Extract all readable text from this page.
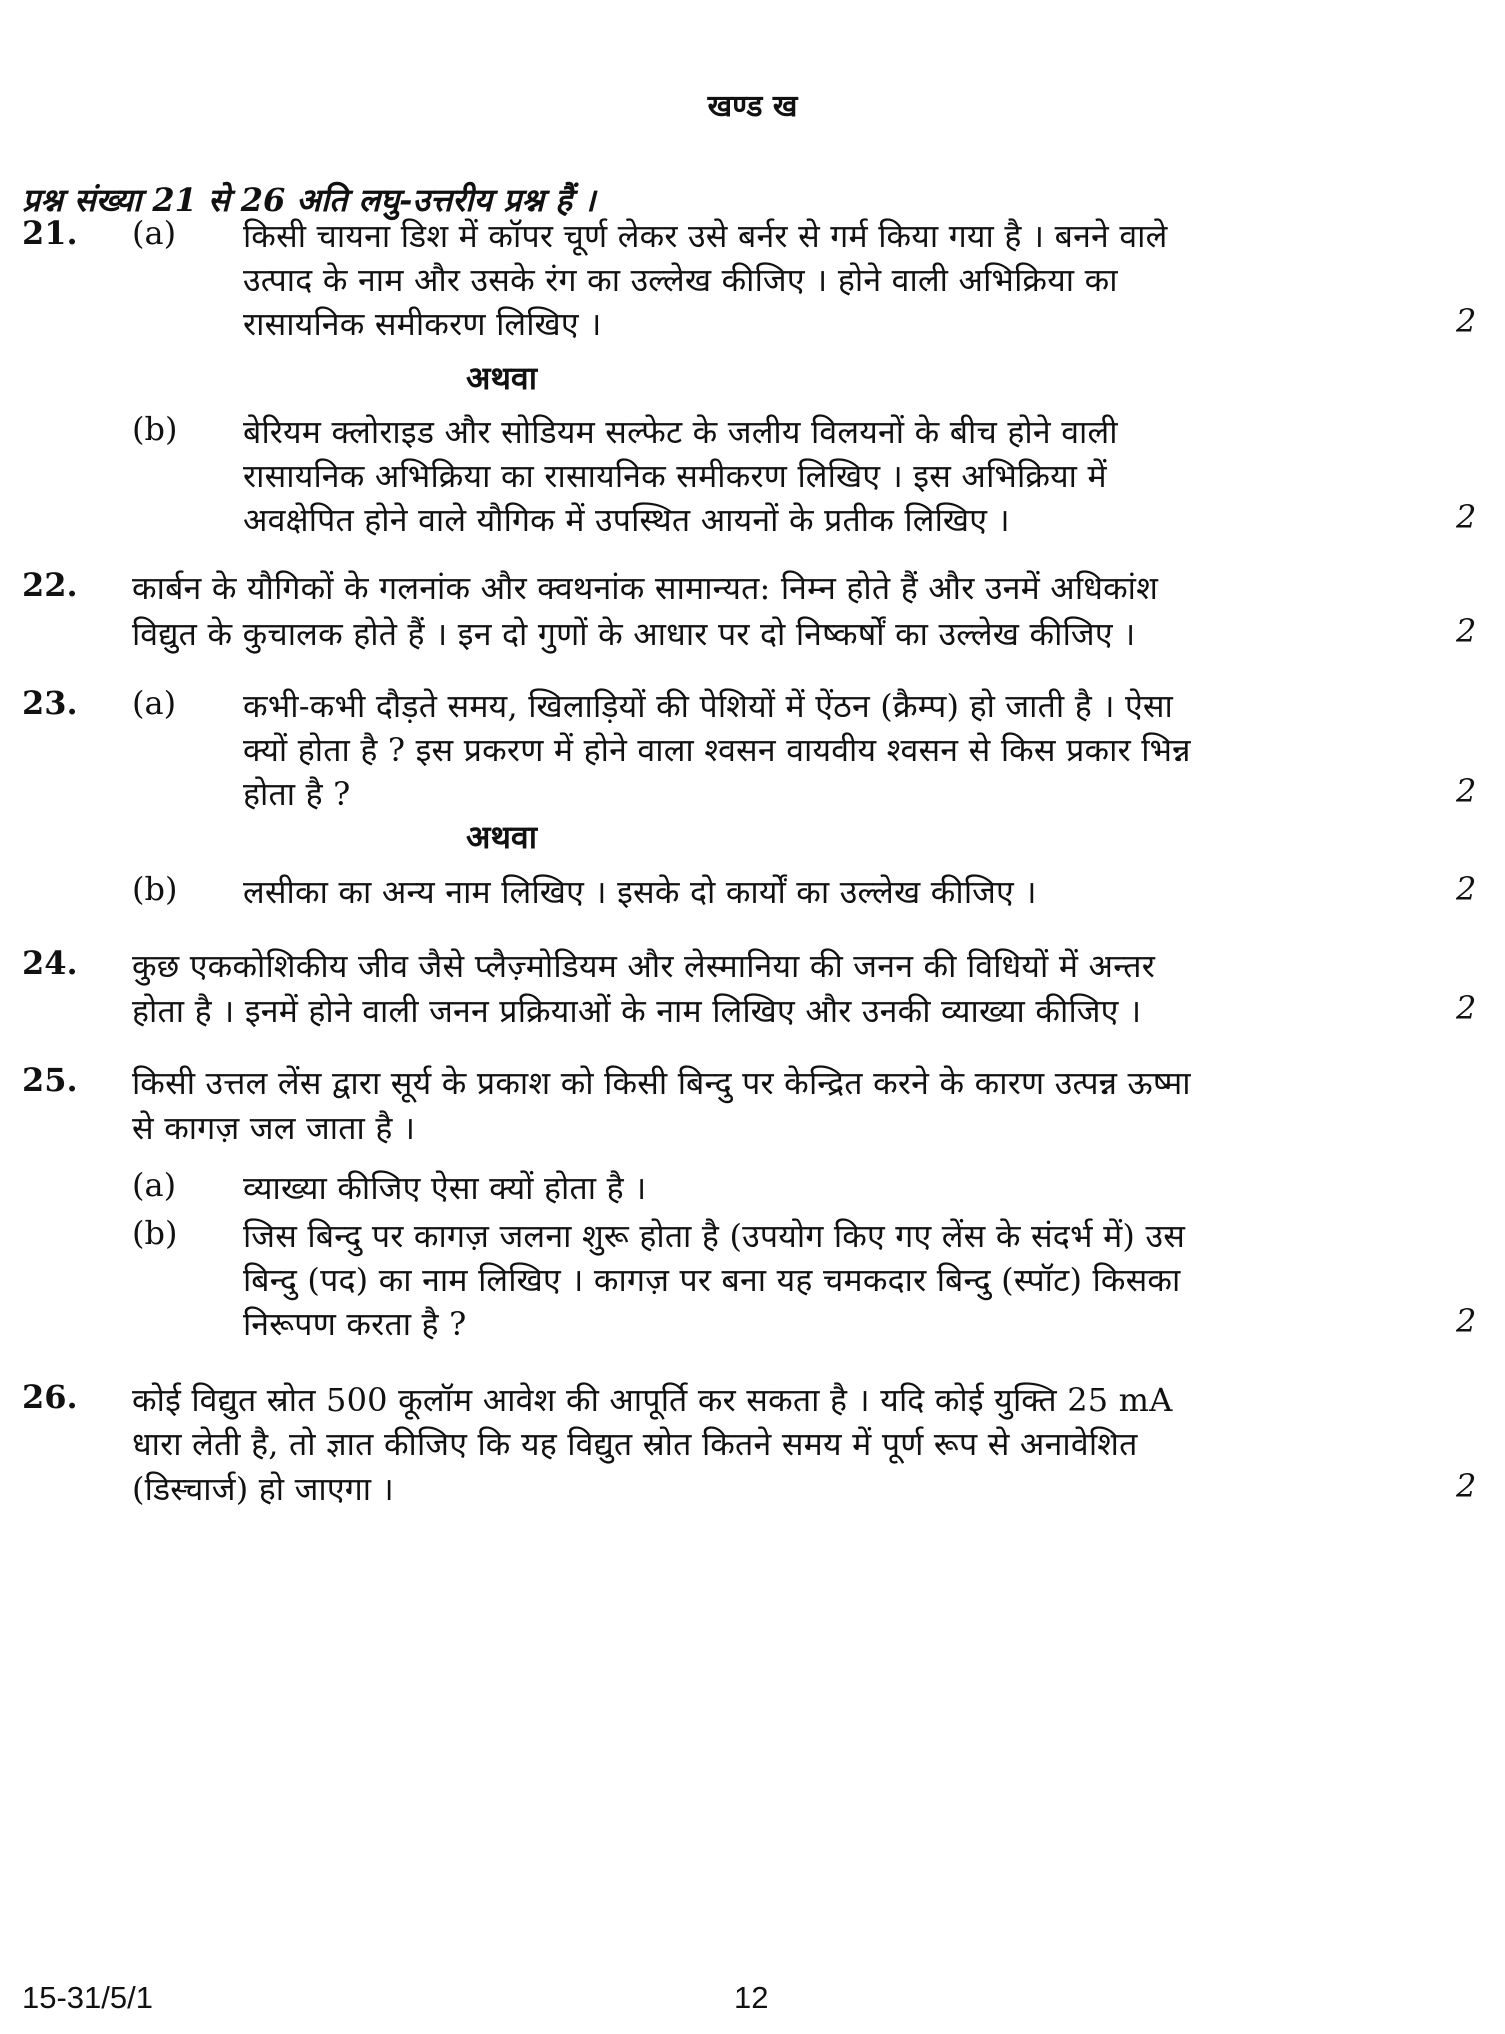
खण्ड ख
प्रश्न संख्या 21 से 26 अति लघु-उत्तरीय प्रश्न हैं ।
21. (a) किसी चायना डिश में कॉपर चूर्ण लेकर उसे बर्नर से गर्म किया गया है । बनने वाले
उत्पाद के नाम और उसके रंग का उल्लेख कीजिए । होने वाली अभिक्रिया का
रासायनिक समीकरण लिखिए ।	2
अथवा
(b) बेरियम क्लोराइड और सोडियम सल्फेट के जलीय विलयनों के बीच होने वाली
रासायनिक अभिक्रिया का रासायनिक समीकरण लिखिए । इस अभिक्रिया में
अवक्षेपित होने वाले यौगिक में उपस्थित आयनों के प्रतीक लिखिए ।	2
22. कार्बन के यौगिकों के गलनांक और क्वथनांक सामान्यत: निम्न होते हैं और उनमें अधिकांश
विद्युत के कुचालक होते हैं । इन दो गुणों के आधार पर दो निष्कर्षों का उल्लेख कीजिए ।	2
23. (a) कभी-कभी दौड़ते समय, खिलाड़ियों की पेशियों में ऐंठन (क्रैम्प) हो जाती है । ऐसा
क्यों होता है ? इस प्रकरण में होने वाला श्वसन वायवीय श्वसन से किस प्रकार भिन्न
होता है ?	2
अथवा
(b) लसीका का अन्य नाम लिखिए । इसके दो कार्यों का उल्लेख कीजिए ।	2
24. कुछ एककोशिकीय जीव जैसे प्लैज़्मोडियम और लेस्मानिया की जनन की विधियों में अन्तर
होता है । इनमें होने वाली जनन प्रक्रियाओं के नाम लिखिए और उनकी व्याख्या कीजिए ।	2
25. किसी उत्तल लेंस द्वारा सूर्य के प्रकाश को किसी बिन्दु पर केन्द्रित करने के कारण उत्पन्न ऊष्मा
से कागज़ जल जाता है ।
(a) व्याख्या कीजिए ऐसा क्यों होता है ।
(b) जिस बिन्दु पर कागज़ जलना शुरू होता है (उपयोग किए गए लेंस के संदर्भ में) उस
बिन्दु (पद) का नाम लिखिए । कागज़ पर बना यह चमकदार बिन्दु (स्पॉट) किसका
निरूपण करता है ?	2
26. कोई विद्युत स्रोत 500 कूलॉम आवेश की आपूर्ति कर सकता है । यदि कोई युक्ति 25 mA
धारा लेती है, तो ज्ञात कीजिए कि यह विद्युत स्रोत कितने समय में पूर्ण रूप से अनावेशित
(डिस्चार्ज) हो जाएगा ।	2
15-31/5/1	12
